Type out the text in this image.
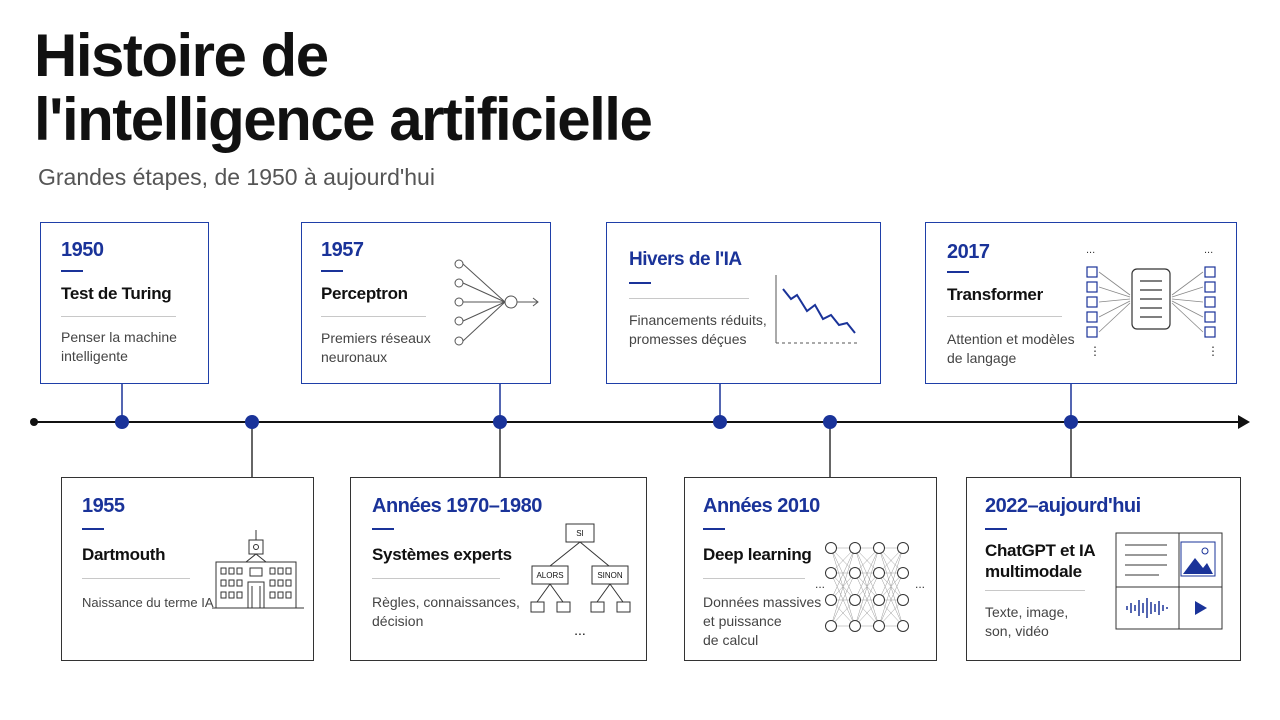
Histoire de
l'intelligence artificielle
Grandes étapes, de 1950 à aujourd'hui
1950
Test de Turing
Penser la machine
intelligente
1957
Perceptron
Premiers réseaux
neuronaux
Hivers de l'IA
Financements réduits,
promesses déçues
2017
Transformer
Attention et modèles
de langage
...	...
⋮	⋮
1955
Dartmouth
Naissance du terme IA
Années 1970–1980
Systèmes experts
Règles, connaissances,
décision
SI
ALORS	SINON
...
Années 2010
Deep learning
Données massives
et puissance
de calcul
...	...
2022–aujourd'hui
ChatGPT et IA
multimodale
Texte, image,
son, vidéo
